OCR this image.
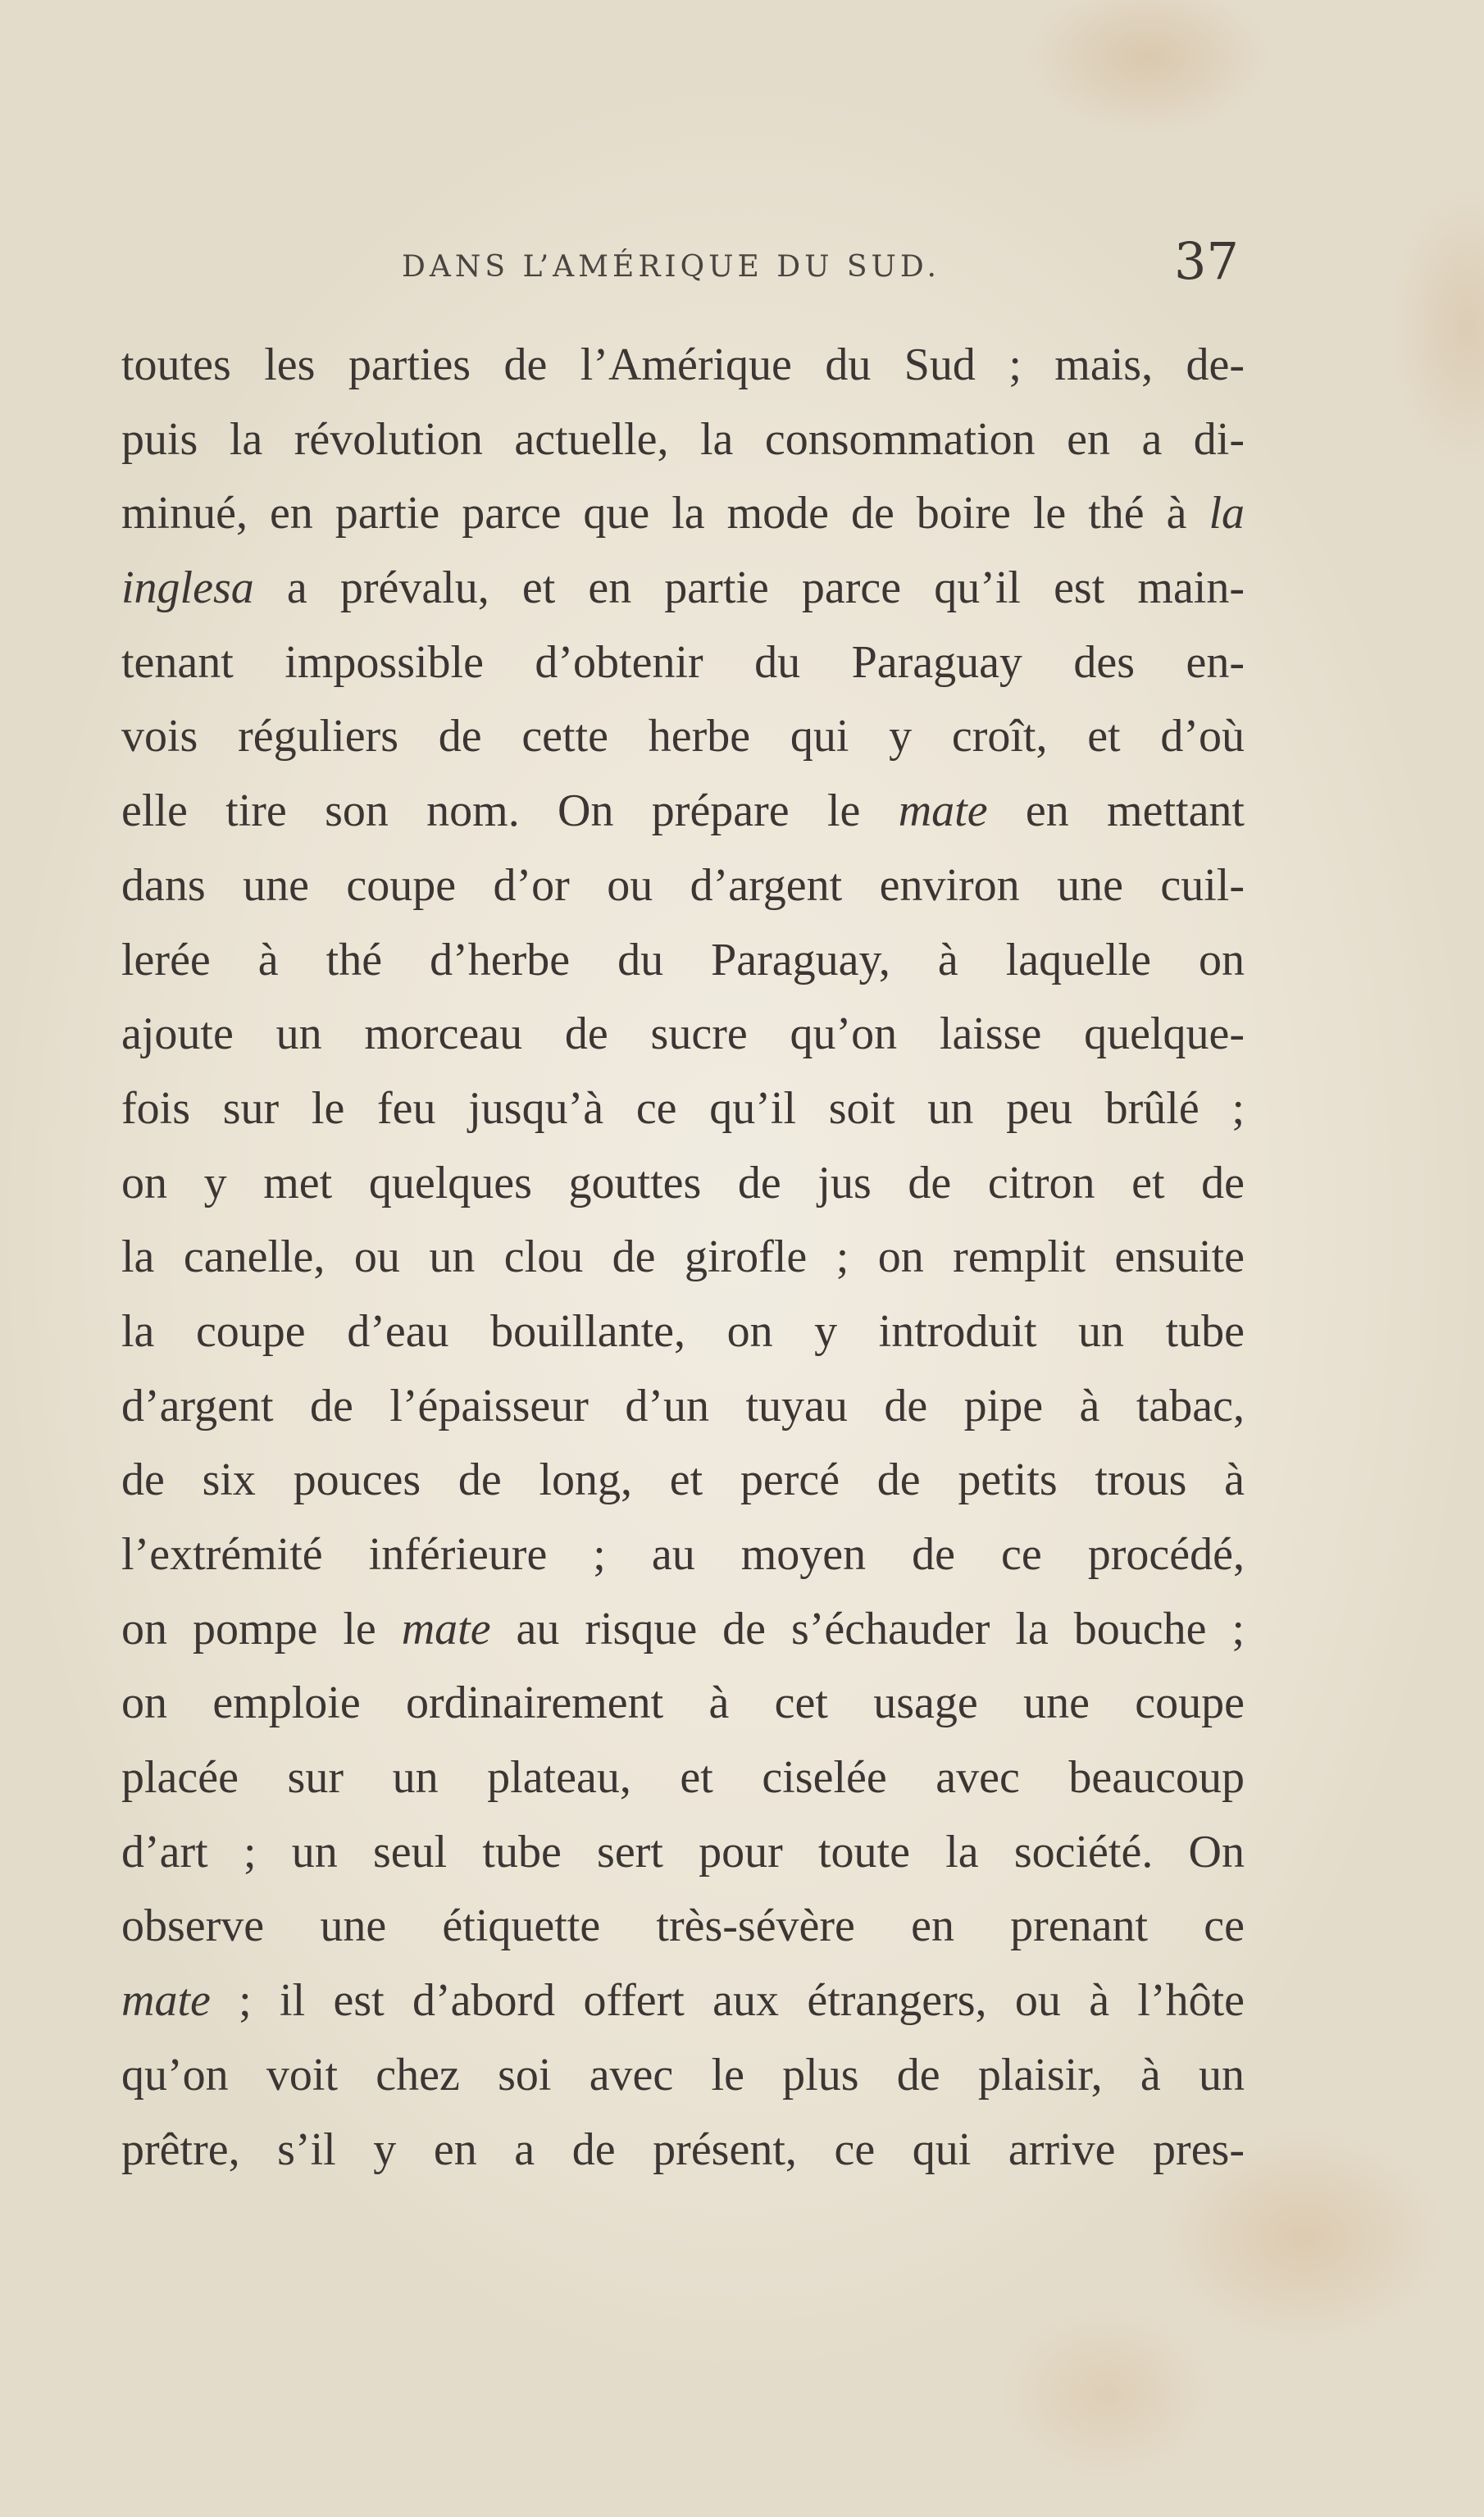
DANS L’AMÉRIQUE DU SUD.	37
toutes les parties de l’Amérique du Sud ; mais, de-
puis la révolution actuelle, la consommation en a di-
minué, en partie parce que la mode de boire le thé à la
inglesa a prévalu, et en partie parce qu’il est main-
tenant impossible d’obtenir du Paraguay des en-
vois réguliers de cette herbe qui y croît, et d’où
elle tire son nom. On prépare le mate en mettant
dans une coupe d’or ou d’argent environ une cuil-
lerée à thé d’herbe du Paraguay, à laquelle on
ajoute un morceau de sucre qu’on laisse quelque-
fois sur le feu jusqu’à ce qu’il soit un peu brûlé ;
on y met quelques gouttes de jus de citron et de
la canelle, ou un clou de girofle ; on remplit ensuite
la coupe d’eau bouillante, on y introduit un tube
d’argent de l’épaisseur d’un tuyau de pipe à tabac,
de six pouces de long, et percé de petits trous à
l’extrémité inférieure ; au moyen de ce procédé,
on pompe le mate au risque de s’échauder la bouche ;
on emploie ordinairement à cet usage une coupe
placée sur un plateau, et ciselée avec beaucoup
d’art ; un seul tube sert pour toute la société. On
observe une étiquette très-sévère en prenant ce
mate ; il est d’abord offert aux étrangers, ou à l’hôte
qu’on voit chez soi avec le plus de plaisir, à un
prêtre, s’il y en a de présent, ce qui arrive pres-
